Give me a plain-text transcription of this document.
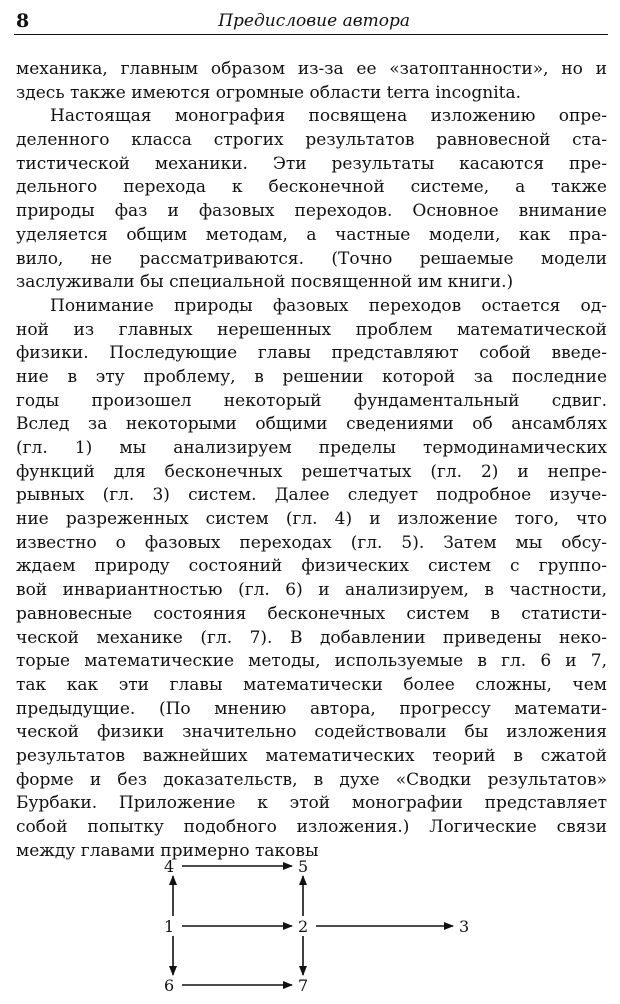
8	Предисловие автора
механика, главным образом из-за ее «затоптанности», но и
здесь также имеются огромные области terra incognita.
Настоящая монография посвящена изложению опре-
деленного класса строгих результатов равновесной ста-
тистической механики. Эти результаты касаются пре-
дельного перехода к бесконечной системе, а также
природы фаз и фазовых переходов. Основное внимание
уделяется общим методам, а частные модели, как пра-
вило, не рассматриваются. (Точно решаемые модели
заслуживали бы специальной посвященной им книги.)
Понимание природы фазовых переходов остается од-
ной из главных нерешенных проблем математической
физики. Последующие главы представляют собой введе-
ние в эту проблему, в решении которой за последние
годы произошел некоторый фундаментальный сдвиг.
Вслед за некоторыми общими сведениями об ансамблях
(гл. 1) мы анализируем пределы термодинамических
функций для бесконечных решетчатых (гл. 2) и непре-
рывных (гл. 3) систем. Далее следует подробное изуче-
ние разреженных систем (гл. 4) и изложение того, что
известно о фазовых переходах (гл. 5). Затем мы обсу-
ждаем природу состояний физических систем с группо-
вой инвариантностью (гл. 6) и анализируем, в частности,
равновесные состояния бесконечных систем в статисти-
ческой механике (гл. 7). В добавлении приведены неко-
торые математические методы, используемые в гл. 6 и 7,
так как эти главы математически более сложны, чем
предыдущие. (По мнению автора, прогрессу математи-
ческой физики значительно содействовали бы изложения
результатов важнейших математических теорий в сжатой
форме и без доказательств, в духе «Сводки результатов»
Бурбаки. Приложение к этой монографии представляет
собой попытку подобного изложения.) Логические связи
между главами примерно таковы
4	5
1	2	3
6	7
